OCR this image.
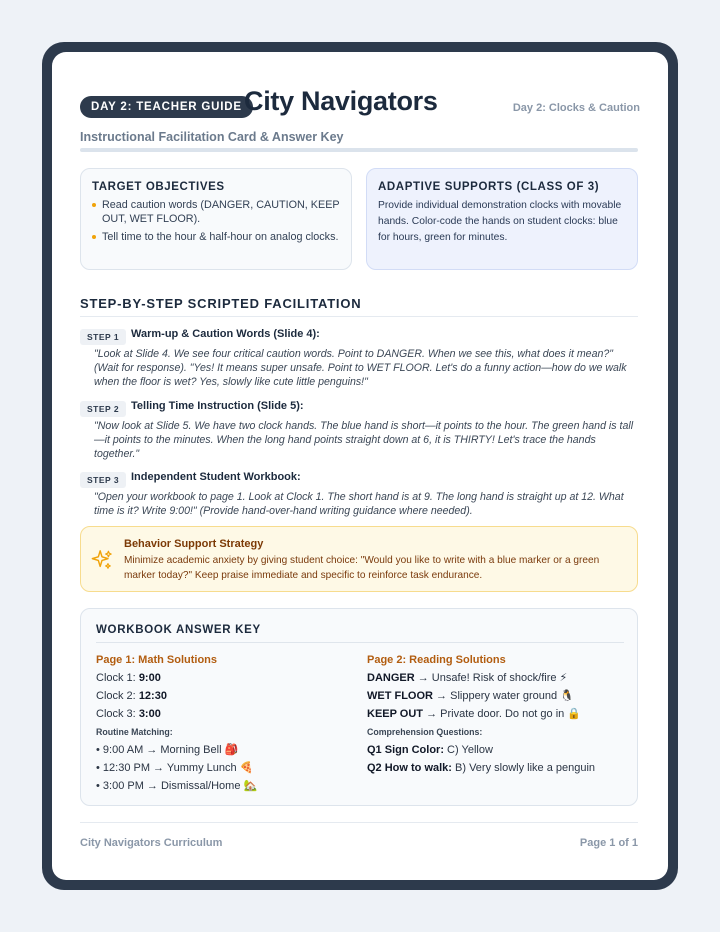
DAY 2: TEACHER GUIDE City Navigators	Day 2: Clocks & Caution
Instructional Facilitation Card & Answer Key
TARGET OBJECTIVES
Read caution words (DANGER, CAUTION, KEEP OUT, WET FLOOR).
Tell time to the hour & half-hour on analog clocks.
ADAPTIVE SUPPORTS (CLASS OF 3)
Provide individual demonstration clocks with movable hands. Color-code the hands on student clocks: blue for hours, green for minutes.
STEP-BY-STEP SCRIPTED FACILITATION
STEP 1	Warm-up & Caution Words (Slide 4):
"Look at Slide 4. We see four critical caution words. Point to DANGER. When we see this, what does it mean?" (Wait for response). "Yes! It means super unsafe. Point to WET FLOOR. Let's do a funny action—how do we walk when the floor is wet? Yes, slowly like cute little penguins!"
STEP 2	Telling Time Instruction (Slide 5):
"Now look at Slide 5. We have two clock hands. The blue hand is short—it points to the hour. The green hand is tall—it points to the minutes. When the long hand points straight down at 6, it is THIRTY! Let's trace the hands together."
STEP 3	Independent Student Workbook:
"Open your workbook to page 1. Look at Clock 1. The short hand is at 9. The long hand is straight up at 12. What time is it? Write 9:00!" (Provide hand-over-hand writing guidance where needed).
Behavior Support Strategy
Minimize academic anxiety by giving student choice: "Would you like to write with a blue marker or a green marker today?" Keep praise immediate and specific to reinforce task endurance.
WORKBOOK ANSWER KEY
Page 1: Math Solutions
Clock 1: 9:00
Clock 2: 12:30
Clock 3: 3:00
Routine Matching:
• 9:00 AM → Morning Bell 🎒
• 12:30 PM → Yummy Lunch 🍕
• 3:00 PM → Dismissal/Home 🏡
Page 2: Reading Solutions
DANGER → Unsafe! Risk of shock/fire ⚡
WET FLOOR → Slippery water ground 🐧
KEEP OUT → Private door. Do not go in 🔒
Comprehension Questions:
Q1 Sign Color: C) Yellow
Q2 How to walk: B) Very slowly like a penguin
City Navigators Curriculum	Page 1 of 1
